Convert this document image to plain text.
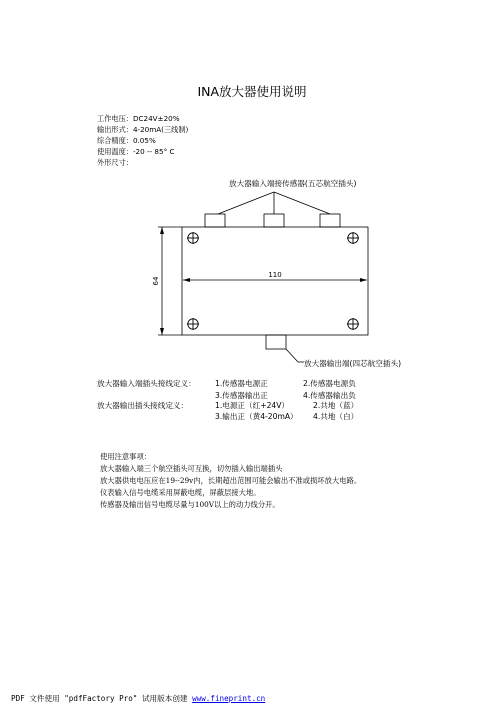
INA放大器使用说明
工作电压：DC24V±20%
输出形式：4-20mA(三线制)
综合精度：0.05%
使用温度：-20 -- 85° C
外形尺寸：
放大器输入端接传感器(五芯航空插头)
110
64
放大器输出端(四芯航空插头)
放大器输入端插头接线定义：	1.传感器电源正	2.传感器电源负
3.传感器输出正	4.传感器输出负
放大器输出插头接线定义：	1.电源正（红+24V）	2.共地（蓝）
3.输出正（黄4-20mA） 4.共地（白）
使用注意事项：
放大器输入端三个航空插头可互换，切勿插入输出端插头
放大器供电电压应在19--29v内，长期超出范围可能会输出不准或损坏放大电路。
仪表输入信号电缆采用屏蔽电缆，屏蔽层接大地。
传感器及输出信号电缆尽量与100V以上的动力线分开。
PDF 文件使用 "pdfFactory Pro" 试用版本创建 www.fineprint.cn
